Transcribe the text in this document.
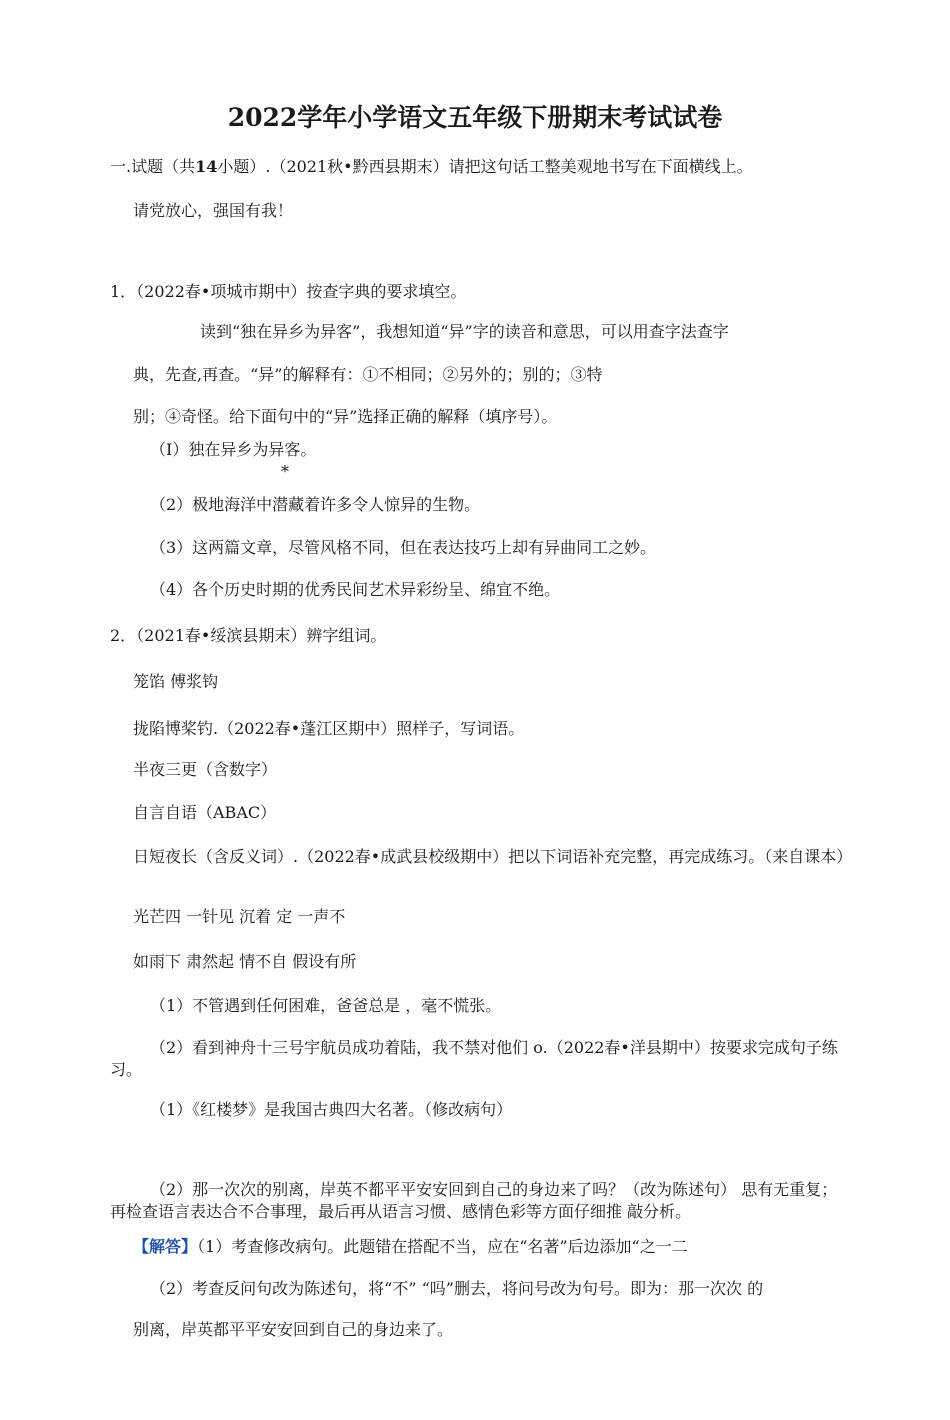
2022学年小学语文五年级下册期末考试试卷
一.试题（共14小题）.（2021秋•黔西县期末）请把这句话工整美观地书写在下面横线上。
请党放心，强国有我！
1．（2022春•项城市期中）按查字典的要求填空。
读到“独在异乡为异客”，我想知道“异”字的读音和意思，可以用查字法查字
典，先查,再查。“异”的解释有：①不相同；②另外的；别的；③特
别；④奇怪。给下面句中的“异”选择正确的解释（填序号）。
（I）独在异乡为异客。
*
（2）极地海洋中潜藏着许多令人惊异的生物。
（3）这两篇文章，尽管风格不同，但在表达技巧上却有异曲同工之妙。
（4）各个历史时期的优秀民间艺术异彩纷呈、绵宜不绝。
2．（2021春•绥滨县期末）辨字组词。
笼馅 傅浆钩
拢陷博桨钓.（2022春•蓬江区期中）照样子，写词语。
半夜三更（含数字）
自言自语（ABAC）
日短夜长（含反义词）.（2022春•成武县校级期中）把以下词语补充完整，再完成练习。（来自课本）
光芒四 一针见 沉着 定 一声不
如雨下 肃然起 情不自 假设有所
（1）不管遇到任何困难，爸爸总是 ，毫不慌张。
（2）看到神舟十三号宇航员成功着陆，我不禁对他们 o.（2022春•洋县期中）按要求完成句子练习。
（1）《红楼梦》是我国古典四大名著。（修改病句）
（2）那一次次的别离，岸英不都平平安安回到自己的身边来了吗？（改为陈述句） 思有无重复；再检查语言表达合不合事理，最后再从语言习惯、感情色彩等方面仔细推 敲分析。
【解答】（1）考查修改病句。此题错在搭配不当，应在“名著”后边添加“之一二
（2）考查反问句改为陈述句，将“不” “吗”删去，将问号改为句号。即为：那一次次 的
别离，岸英都平平安安回到自己的身边来了。
